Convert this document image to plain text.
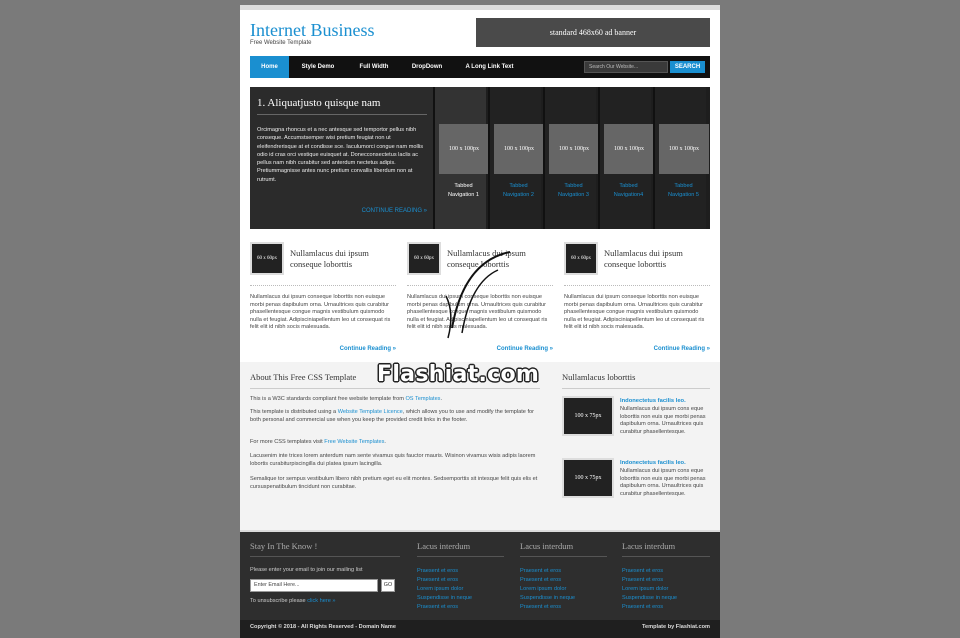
Internet Business
Free Website Template
standard 468x60 ad banner
Home	Style Demo	Full Width	DropDown	A Long Link Text	Search Our Website...	SEARCH
1. Aliquatjusto quisque nam
Orcimagna rhoncus et a nec antesque sed temportor pellus nibh conseque. Accumstsemper wisi pretium feugiat non ut eleifendrerisque at et condisse sce. Iaculumorci congue nam mollis odio id cras orci vestique euisquet at. Donecconsectetus laclis ac pellus nam nibh curabitur sed anterdum nectetus adipis. Pretiummagnisse antes nunc pretium convallis liberdum non at rutrumt.
CONTINUE READING »
100 x 100px
Tabbed
Navigation 1
100 x 100px
Tabbed
Navigation 2
100 x 100px
Tabbed
Navigation 3
100 x 100px
Tabbed
Navigation4
100 x 100px
Tabbed
Navigation 5
60 x 60px
Nullamlacus dui ipsum conseque loborttis
Nullamlacus dui ipsum conseque loborttis non euisque morbi penas dapibulum orna. Urnaultrices quis curabitur phasellentesque congue magnis vestibulum quismodo nulla et feugiat. Adipisciniapellentum leo ut consequat ris felit elit id nibh socis malesuada.
Continue Reading »
60 x 60px
Nullamlacus dui ipsum conseque loborttis
Nullamlacus dui ipsum conseque loborttis non euisque morbi penas dapibulum orna. Urnaultrices quis curabitur phasellentesque congue magnis vestibulum quismodo nulla et feugiat. Adipisciniapellentum leo ut consequat ris felit elit id nibh socis malesuada.
Continue Reading »
60 x 60px
Nullamlacus dui ipsum conseque loborttis
Nullamlacus dui ipsum conseque loborttis non euisque morbi penas dapibulum orna. Urnaultrices quis curabitur phasellentesque congue magnis vestibulum quismodo nulla et feugiat. Adipisciniapellentum leo ut consequat ris felit elit id nibh socis malesuada.
Continue Reading »
About This Free CSS Template
This is a W3C standards compliant free website template from OS Templates.
This template is distributed using a Website Template Licence, which allows you to use and modify the template for both personal and commercial use when you keep the provided credit links in the footer.
For more CSS templates visit Free Website Templates.
Lacusenim inte trices lorem anterdum nam sente vivamus quis fauctor mauris. Wisinon vivamus wisis adipis laorem lobortis curabiturpiscingilla dui platea ipsum lacingilla.
Semalique tor sempus vestibulum libero nibh pretium eget eu elit montes. Sedsemporttis sit intesque felit quis elis et cursuspenatibulum tincidunt non curabitae.
Nullamlacus loborttis
100 x 75px
Indonectetus facilis leo.
Nullamlacus dui ipsum cons eque loborttis non euis que morbi penas dapibulum orna. Urnaultrices quis curabitur phasellentesque.
100 x 75px
Indonectetus facilis leo.
Nullamlacus dui ipsum cons eque loborttis non euis que morbi penas dapibulum orna. Urnaultrices quis curabitur phasellentesque.
Flashiat.com
Stay In The Know !
Please enter your email to join our mailing list
Enter Email Here...	GO
To unsubscribe please click here »
Lacus interdum
Praesent et eros
Praesent et eros
Lorem ipsum dolor
Suspendisse in neque
Praesent et eros
Lacus interdum
Praesent et eros
Praesent et eros
Lorem ipsum dolor
Suspendisse in neque
Praesent et eros
Lacus interdum
Praesent et eros
Praesent et eros
Lorem ipsum dolor
Suspendisse in neque
Praesent et eros
Copyright © 2018 - All Rights Reserved - Domain Name	Template by Flashiat.com
